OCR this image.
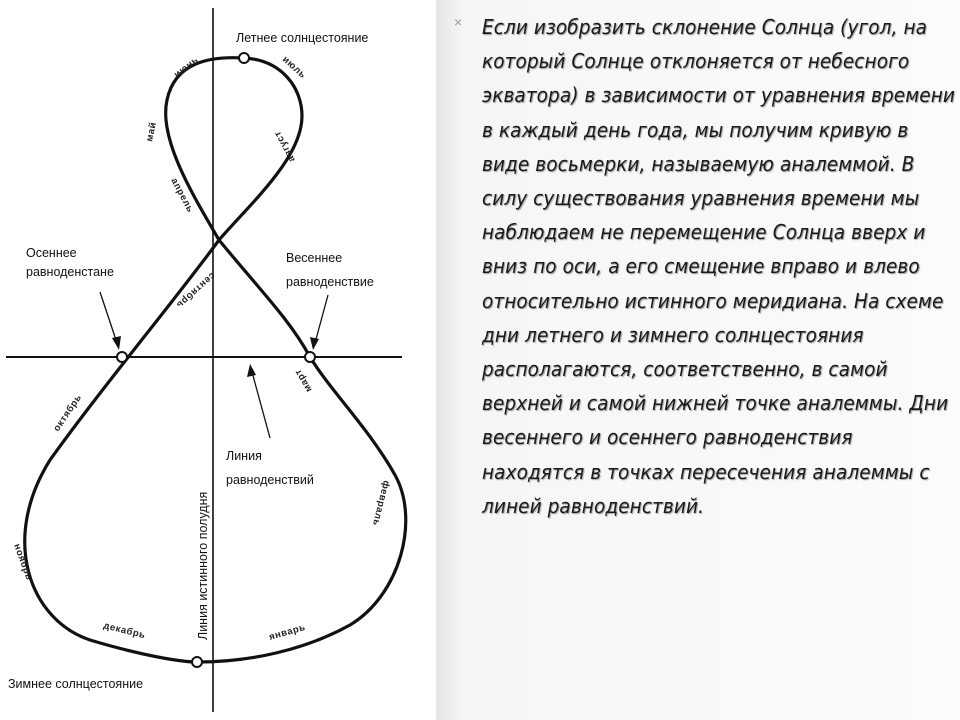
Летнее солнцестояние
Зимнее солнцестояние
Осеннее
равноденстане
Весеннее
равноденствие
Линия
равноденствий
Линия истинного полудня
июнь	июль
май
апрель
август
сентябрь
март
октябрь
февраль
ноябрь
декабрь	январь
× Если изобразить склонение Солнца (угол, на который Солнце отклоняется от небесного экватора) в зависимости от уравнения времени в каждый день года, мы получим кривую в виде восьмерки, называемую аналеммой. В силу существования уравнения времени мы наблюдаем не перемещение Солнца вверх и вниз по оси, а его смещение вправо и влево относительно истинного меридиана. На схеме дни летнего и зимнего солнцестояния располагаются, соответственно, в самой верхней и самой нижней точке аналеммы. Дни весеннего и осеннего равноденствия находятся в точках пересечения аналеммы с линей равноденствий.
